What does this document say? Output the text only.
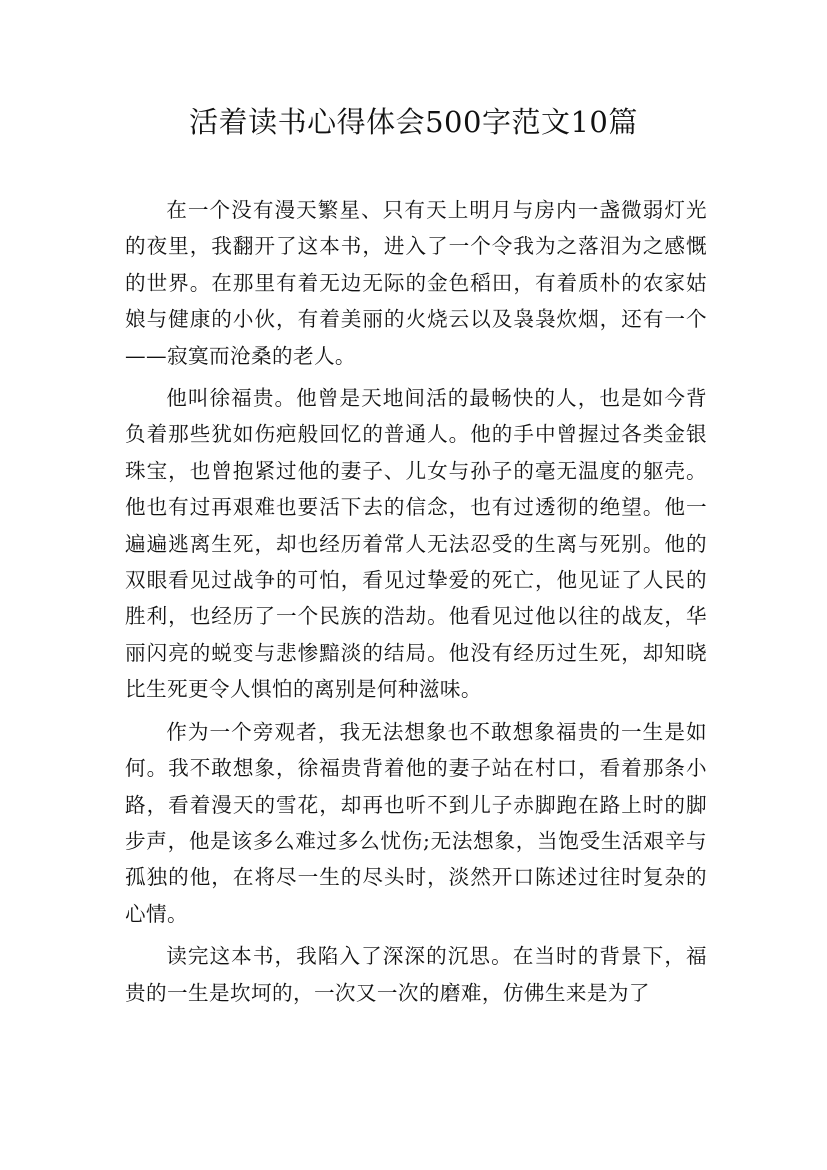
活着读书心得体会500字范文10篇

在一个没有漫天繁星、只有天上明月与房内一盏微弱灯光的夜里，我翻开了这本书，进入了一个令我为之落泪为之感慨的世界。在那里有着无边无际的金色稻田，有着质朴的农家姑娘与健康的小伙，有着美丽的火烧云以及袅袅炊烟，还有一个——寂寞而沧桑的老人。

他叫徐福贵。他曾是天地间活的最畅快的人，也是如今背负着那些犹如伤疤般回忆的普通人。他的手中曾握过各类金银珠宝，也曾抱紧过他的妻子、儿女与孙子的毫无温度的躯壳。他也有过再艰难也要活下去的信念，也有过透彻的绝望。他一遍遍逃离生死，却也经历着常人无法忍受的生离与死别。他的双眼看见过战争的可怕，看见过挚爱的死亡，他见证了人民的胜利，也经历了一个民族的浩劫。他看见过他以往的战友，华丽闪亮的蜕变与悲惨黯淡的结局。他没有经历过生死，却知晓比生死更令人惧怕的离别是何种滋味。

作为一个旁观者，我无法想象也不敢想象福贵的一生是如何。我不敢想象，徐福贵背着他的妻子站在村口，看着那条小路，看着漫天的雪花，却再也听不到儿子赤脚跑在路上时的脚步声，他是该多么难过多么忧伤;无法想象，当饱受生活艰辛与孤独的他，在将尽一生的尽头时，淡然开口陈述过往时复杂的心情。

读完这本书，我陷入了深深的沉思。在当时的背景下，福贵的一生是坎坷的，一次又一次的磨难，仿佛生来是为了
